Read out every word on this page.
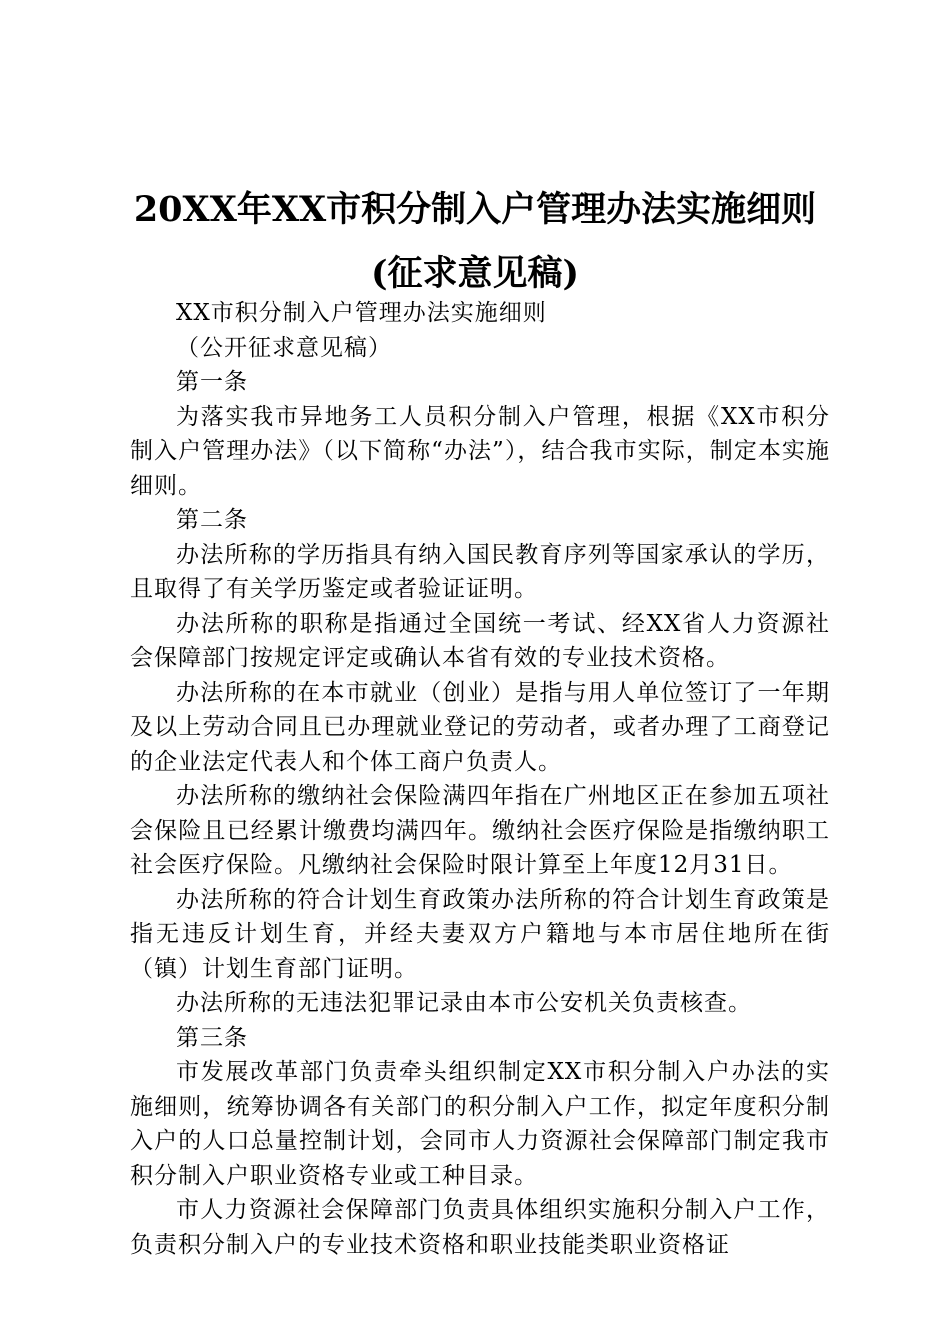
20XX年XX市积分制入户管理办法实施细则(征求意见稿)

XX市积分制入户管理办法实施细则

（公开征求意见稿）

第一条

为落实我市异地务工人员积分制入户管理，根据《XX市积分制入户管理办法》（以下简称“办法”），结合我市实际，制定本实施细则。

第二条

办法所称的学历指具有纳入国民教育序列等国家承认的学历，且取得了有关学历鉴定或者验证证明。

办法所称的职称是指通过全国统一考试、经XX省人力资源社会保障部门按规定评定或确认本省有效的专业技术资格。

办法所称的在本市就业（创业）是指与用人单位签订了一年期及以上劳动合同且已办理就业登记的劳动者，或者办理了工商登记的企业法定代表人和个体工商户负责人。

办法所称的缴纳社会保险满四年指在广州地区正在参加五项社会保险且已经累计缴费均满四年。缴纳社会医疗保险是指缴纳职工社会医疗保险。凡缴纳社会保险时限计算至上年度12月31日。

办法所称的符合计划生育政策办法所称的符合计划生育政策是指无违反计划生育，并经夫妻双方户籍地与本市居住地所在街（镇）计划生育部门证明。

办法所称的无违法犯罪记录由本市公安机关负责核查。

第三条

市发展改革部门负责牵头组织制定XX市积分制入户办法的实施细则，统筹协调各有关部门的积分制入户工作，拟定年度积分制入户的人口总量控制计划，会同市人力资源社会保障部门制定我市积分制入户职业资格专业或工种目录。

市人力资源社会保障部门负责具体组织实施积分制入户工作，负责积分制入户的专业技术资格和职业技能类职业资格证
